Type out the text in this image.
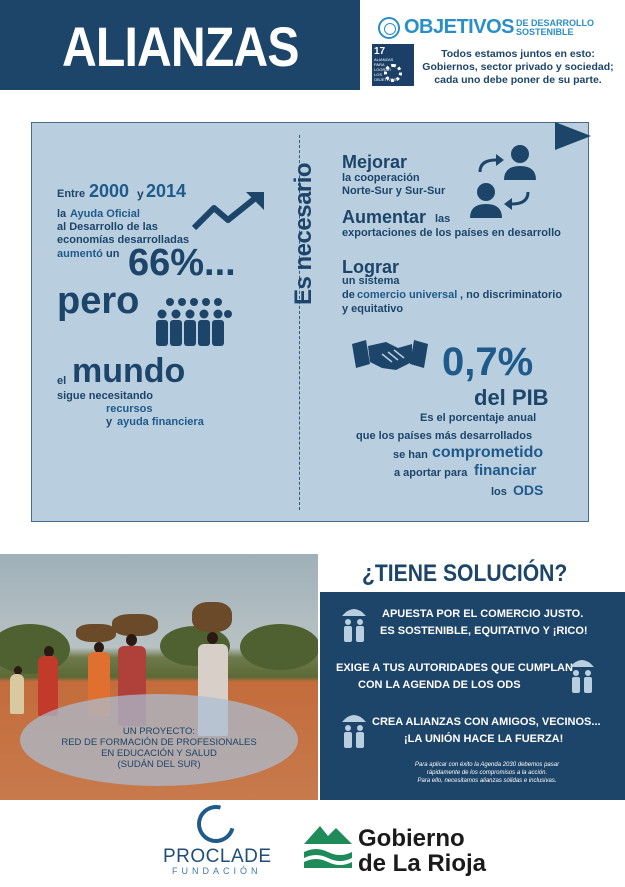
ALIANZAS	OBJETIVOS DE DESARROLLO
SOSTENIBLE
17
ALIANZAS PARA LOGRAR LOS OBJETIVOS
Todos estamos juntos en esto:
Gobiernos, sector privado y sociedad;
cada uno debe poner de su parte.
Entre 2000 y 2014
la Ayuda Oficial
al Desarrollo de las
economías desarrolladas
aumentó un 66%...
pero
el mundo
sigue necesitando
recursos
y ayuda financiera
Es necesario
Mejorar
la cooperación
Norte-Sur y Sur-Sur
Aumentar las
exportaciones de los países en desarrollo
Lograr
un sistema
de comercio universal , no discriminatorio
y equitativo
0,7%
del PIB
Es el porcentaje anual
que los países más desarrollados
se han comprometido
a aportar para financiar
los ODS
UN PROYECTO:
RED DE FORMACIÓN DE PROFESIONALES
EN EDUCACIÓN Y SALUD
(SUDÁN DEL SUR)
¿TIENE SOLUCIÓN?
APUESTA POR EL COMERCIO JUSTO.
ES SOSTENIBLE, EQUITATIVO Y ¡RICO!
EXIGE A TUS AUTORIDADES QUE CUMPLAN
CON LA AGENDA DE LOS ODS
CREA ALIANZAS CON AMIGOS, VECINOS...
¡LA UNIÓN HACE LA FUERZA!
Para aplicar con éxito la Agenda 2030 debemos pasar
rápidamente de los compromisos a la acción.
Para ello, necesitamos alianzas sólidas e inclusivas.
PROCLADE
FUNDACIÓN
Gobierno
de La Rioja
